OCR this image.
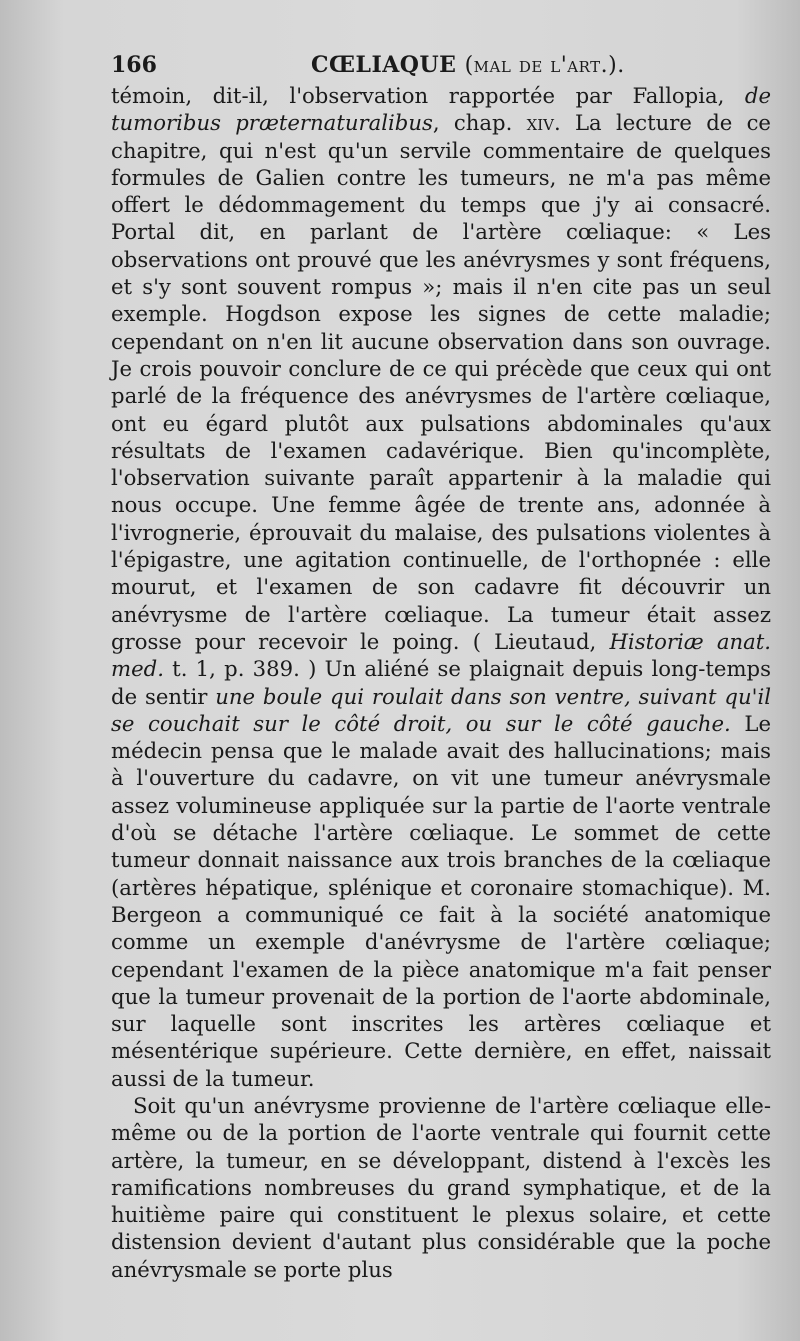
166	CŒLIAQUE (mal de l'art.).

témoin, dit-il, l'observation rapportée par Fallopia, de tumoribus præternaturalibus, chap. xiv. La lecture de ce chapitre, qui n'est qu'un servile commentaire de quelques formules de Galien contre les tumeurs, ne m'a pas même offert le dédommagement du temps que j'y ai consacré. Portal dit, en parlant de l'artère cœliaque: « Les observations ont prouvé que les anévrysmes y sont fréquens, et s'y sont souvent rompus »; mais il n'en cite pas un seul exemple. Hogdson expose les signes de cette maladie; cependant on n'en lit aucune observation dans son ouvrage. Je crois pouvoir conclure de ce qui précède que ceux qui ont parlé de la fréquence des anévrysmes de l'artère cœliaque, ont eu égard plutôt aux pulsations abdominales qu'aux résultats de l'examen cadavérique. Bien qu'incomplète, l'observation suivante paraît appartenir à la maladie qui nous occupe. Une femme âgée de trente ans, adonnée à l'ivrognerie, éprouvait du malaise, des pulsations violentes à l'épigastre, une agitation continuelle, de l'orthopnée : elle mourut, et l'examen de son cadavre fit découvrir un anévrysme de l'artère cœliaque. La tumeur était assez grosse pour recevoir le poing. ( Lieutaud, Historiæ anat. med. t. 1, p. 389. ) Un aliéné se plaignait depuis long-temps de sentir une boule qui roulait dans son ventre, suivant qu'il se couchait sur le côté droit, ou sur le côté gauche. Le médecin pensa que le malade avait des hallucinations; mais à l'ouverture du cadavre, on vit une tumeur anévrysmale assez volumineuse appliquée sur la partie de l'aorte ventrale d'où se détache l'artère cœliaque. Le sommet de cette tumeur donnait naissance aux trois branches de la cœliaque (artères hépatique, splénique et coronaire stomachique). M. Bergeon a communiqué ce fait à la société anatomique comme un exemple d'anévrysme de l'artère cœliaque; cependant l'examen de la pièce anatomique m'a fait penser que la tumeur provenait de la portion de l'aorte abdominale, sur laquelle sont inscrites les artères cœliaque et mésentérique supérieure. Cette dernière, en effet, naissait aussi de la tumeur.

Soit qu'un anévrysme provienne de l'artère cœliaque elle-même ou de la portion de l'aorte ventrale qui fournit cette artère, la tumeur, en se développant, distend à l'excès les ramifications nombreuses du grand symphatique, et de la huitième paire qui constituent le plexus solaire, et cette distension devient d'autant plus considérable que la poche anévrysmale se porte plus
